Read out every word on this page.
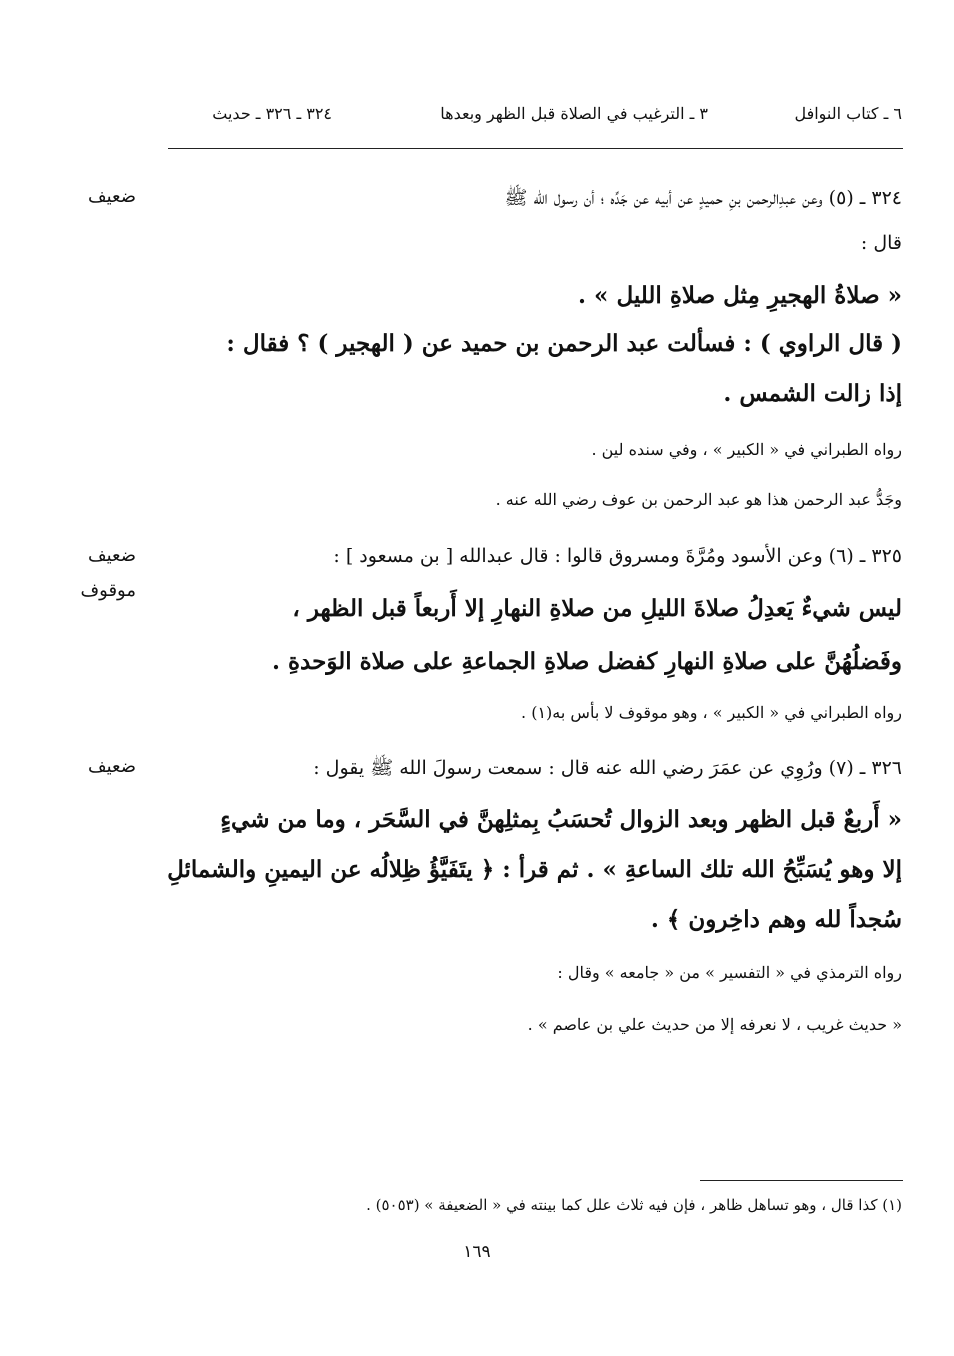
٦ ـ كتاب النوافل
٣ ـ الترغيب في الصلاة قبل الظهر وبعدها
٣٢٤ ـ ٣٢٦ ـ حديث
ضعيف	٣٢٤ ـ (٥) وعن عبدِالرحمن بنِ حميدٍ عن أبيه عن جَدِّه ؛ أن رسول الله ﷺ
قال :
« صلاةُ الهجيرِ مِثل صلاةِ الليل » .
( قال الراوي ) : فسألت عبد الرحمن بن حميد عن ( الهجير ) ؟ فقال :
إذا زالت الشمس .
رواه الطبراني في « الكبير » ، وفي سنده لين .
وجَدُّ عبد الرحمن هذا هو عبد الرحمن بن عوف رضي الله عنه .
ضعيف
موقوف
٣٢٥ ـ (٦) وعن الأسود ومُرَّةَ ومسروق قالوا : قال عبدالله [ بن مسعود ] :
ليس شيءٌ يَعدِلُ صلاةَ الليلِ من صلاةِ النهارِ إلا أَربعاً قبل الظهر ،
وفَضلُهُنَّ على صلاةِ النهارِ كفضل صلاةِ الجماعةِ على صلاة الوَحدةِ .
رواه الطبراني في « الكبير » ، وهو موقوف لا بأس به(١) .
ضعيف	٣٢٦ ـ (٧) ورُوِي عن عمَرَ رضي الله عنه قال : سمعت رسولَ الله ﷺ يقول :
« أَربعٌ قبل الظهر وبعد الزوال تُحسَبُ بِمثلِهنَّ في السَّحَر ، وما من شيءٍ
إلا وهو يُسَبِّحُ الله تلك الساعةِ » . ثم قرأ : ﴿ يتَفَيَّؤُ ظِلالُه عن اليمينِ والشمائلِ
سُجداً لله وهم داخِرون ﴾ .
رواه الترمذي في « التفسير » من « جامعه » وقال :
« حديث غريب ، لا نعرفه إلا من حديث علي بن عاصم » .
(١) كذا قال ، وهو تساهل ظاهر ، فإن فيه ثلاث علل كما بينته في « الضعيفة » (٥٠٥٣) .
١٦٩
